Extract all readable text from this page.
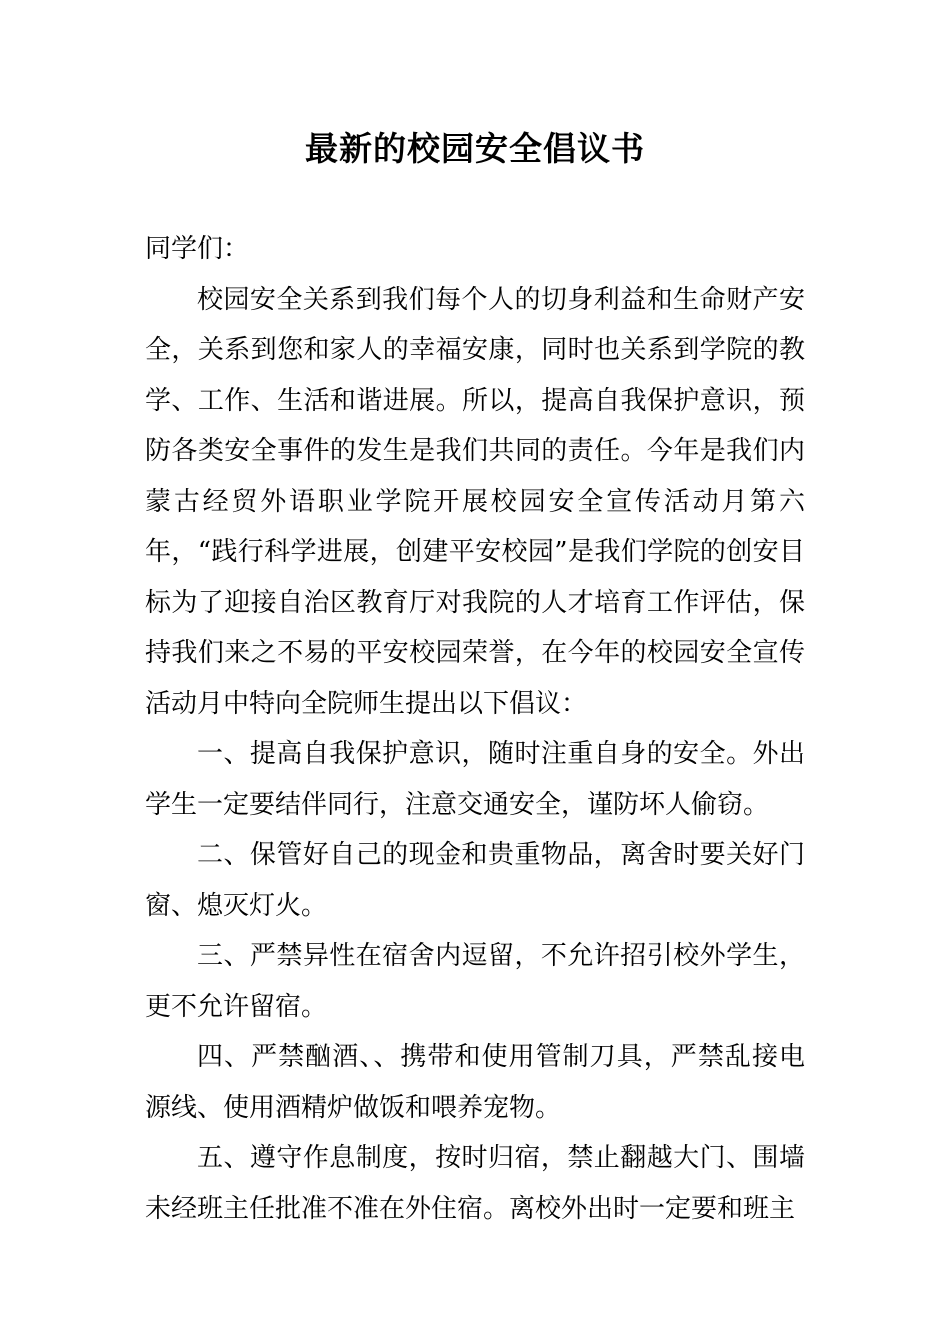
最新的校园安全倡议书

同学们：

校园安全关系到我们每个人的切身利益和生命财产安全，关系到您和家人的幸福安康，同时也关系到学院的教学、工作、生活和谐进展。所以，提高自我保护意识，预防各类安全事件的发生是我们共同的责任。今年是我们内蒙古经贸外语职业学院开展校园安全宣传活动月第六年，“践行科学进展，创建平安校园”是我们学院的创安目标为了迎接自治区教育厅对我院的人才培育工作评估，保持我们来之不易的平安校园荣誉，在今年的校园安全宣传活动月中特向全院师生提出以下倡议：

一、提高自我保护意识，随时注重自身的安全。外出学生一定要结伴同行，注意交通安全，谨防坏人偷窃。

二、保管好自己的现金和贵重物品，离舍时要关好门窗、熄灭灯火。

三、严禁异性在宿舍内逗留，不允许招引校外学生，更不允许留宿。

四、严禁酗酒、、携带和使用管制刀具，严禁乱接电源线、使用酒精炉做饭和喂养宠物。

五、遵守作息制度，按时归宿，禁止翻越大门、围墙未经班主任批准不准在外住宿。离校外出时一定要和班主
